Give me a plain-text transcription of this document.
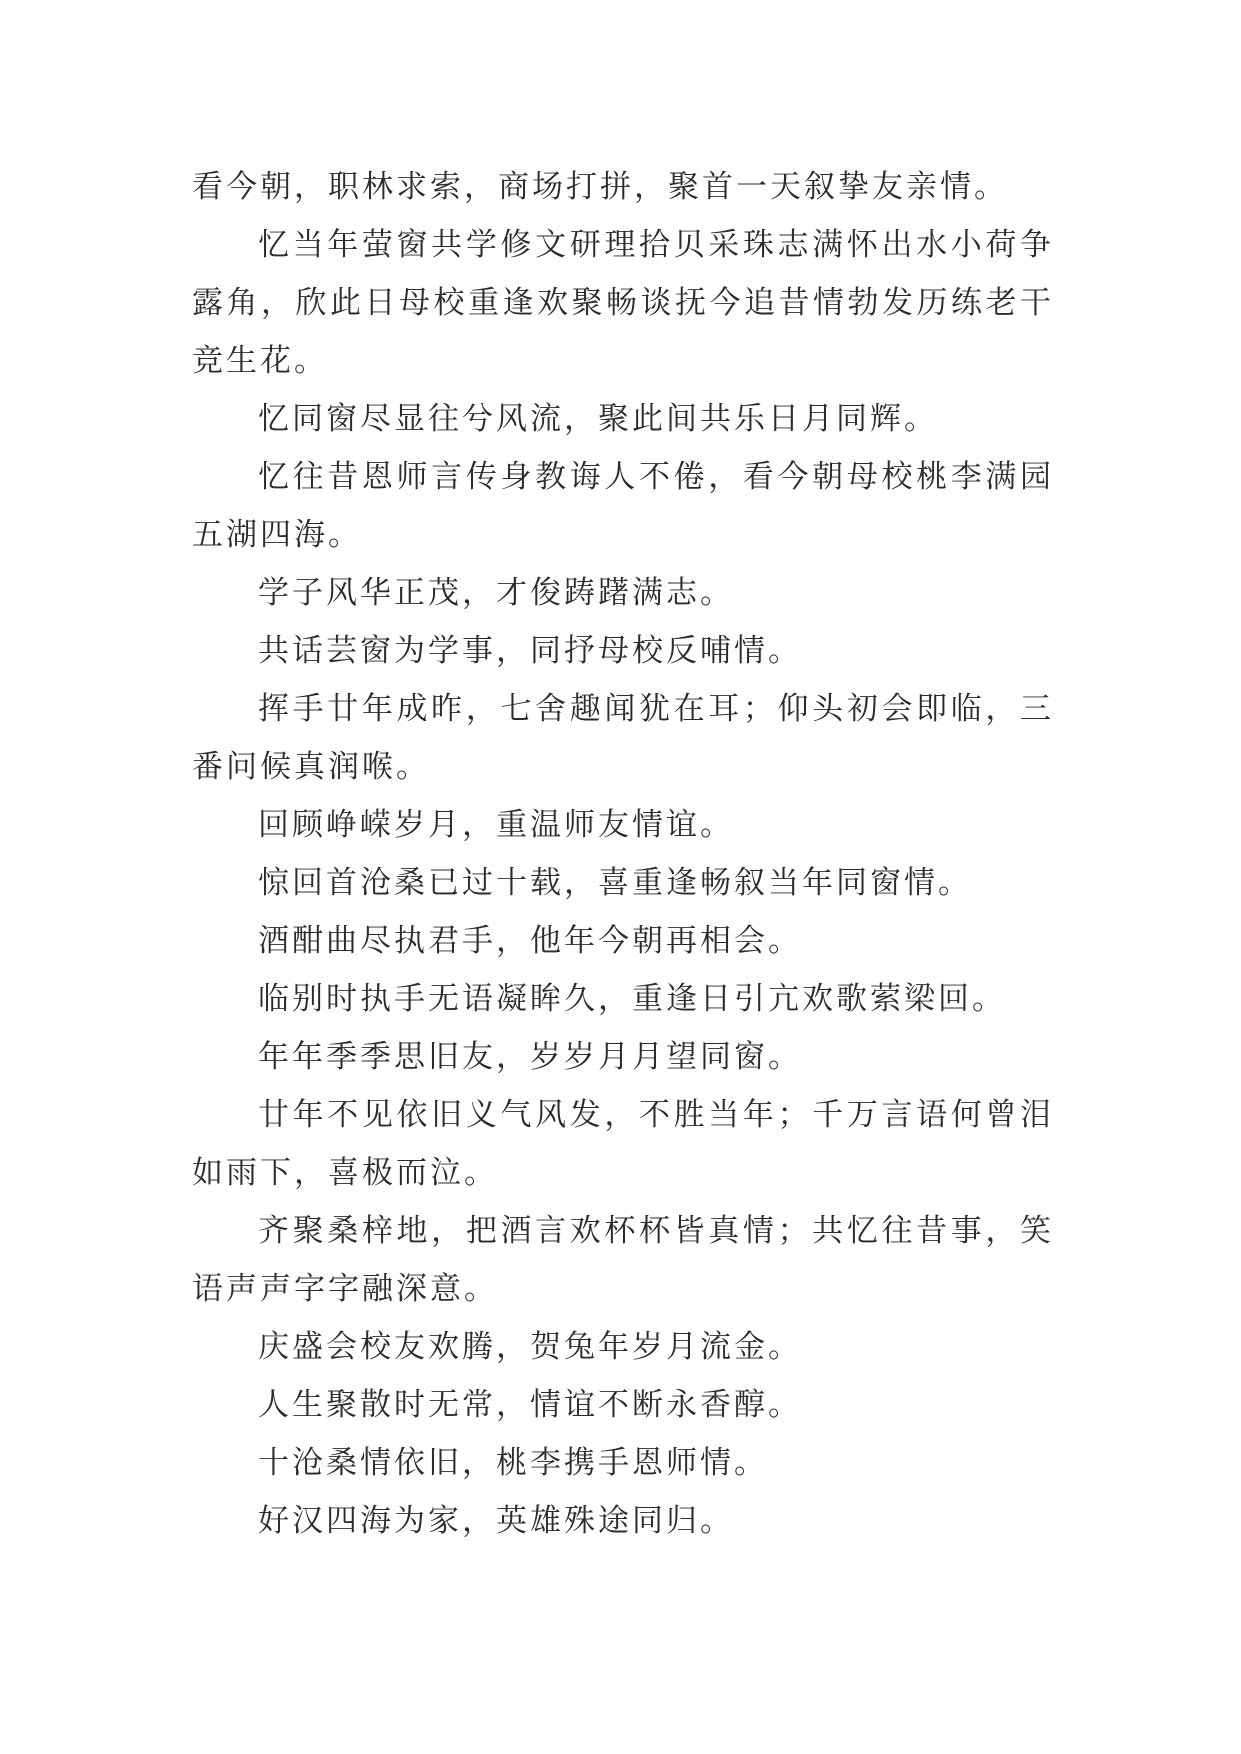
看今朝，职林求索，商场打拼，聚首一天叙挚友亲情。

忆当年萤窗共学修文研理拾贝采珠志满怀出水小荷争露角，欣此日母校重逢欢聚畅谈抚今追昔情勃发历练老干竞生花。

忆同窗尽显往兮风流，聚此间共乐日月同辉。

忆往昔恩师言传身教诲人不倦，看今朝母校桃李满园五湖四海。

学子风华正茂，才俊踌躇满志。

共话芸窗为学事，同抒母校反哺情。

挥手廿年成昨，七舍趣闻犹在耳；仰头初会即临，三番问候真润喉。

回顾峥嵘岁月，重温师友情谊。

惊回首沧桑已过十载，喜重逢畅叙当年同窗情。

酒酣曲尽执君手，他年今朝再相会。

临别时执手无语凝眸久，重逢日引亢欢歌萦梁回。

年年季季思旧友，岁岁月月望同窗。

廿年不见依旧义气风发，不胜当年；千万言语何曾泪如雨下，喜极而泣。

齐聚桑梓地，把酒言欢杯杯皆真情；共忆往昔事，笑语声声字字融深意。

庆盛会校友欢腾，贺兔年岁月流金。

人生聚散时无常，情谊不断永香醇。

十沧桑情依旧，桃李携手恩师情。

好汉四海为家，英雄殊途同归。
